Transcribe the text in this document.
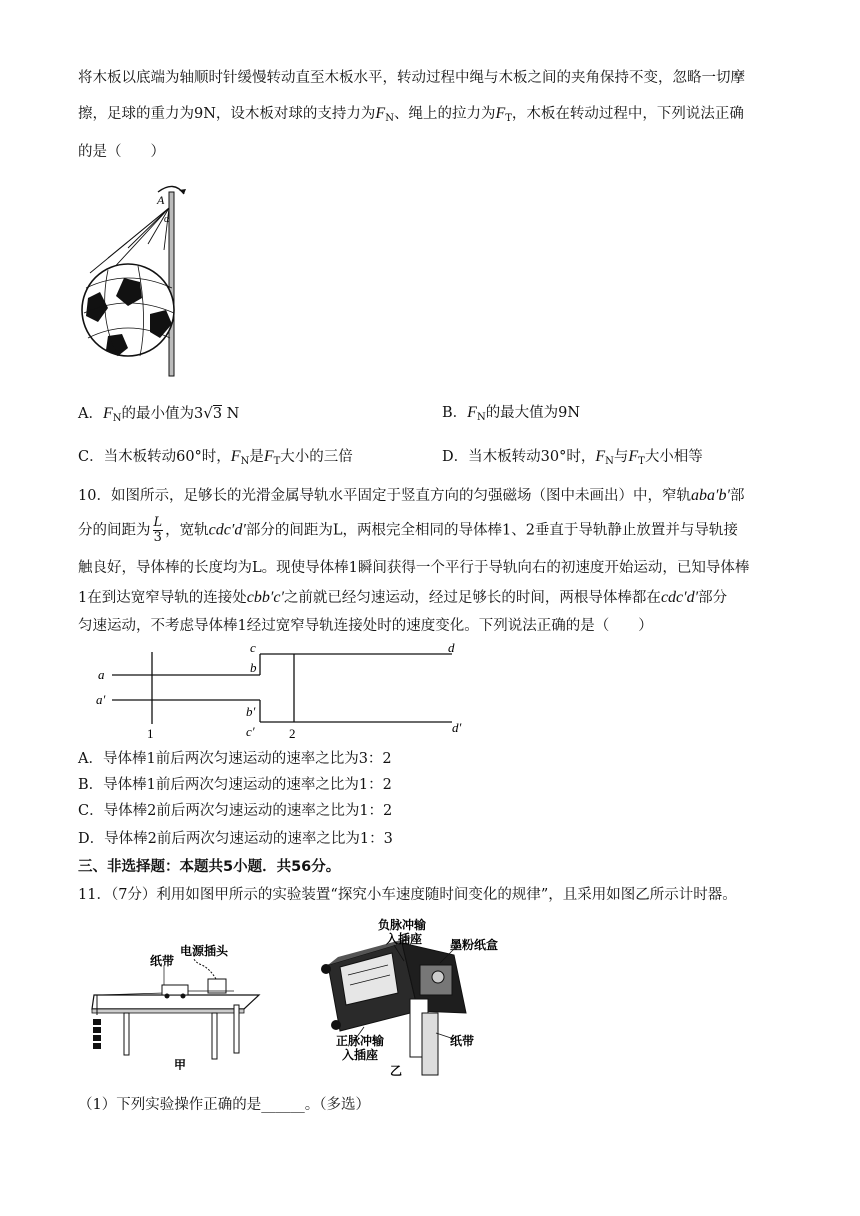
将木板以底端为轴顺时针缓慢转动直至木板水平，转动过程中绳与木板之间的夹角保持不变，忽略一切摩
擦，足球的重力为9N，设木板对球的支持力为$F_N$、绳上的拉力为$F_T$，木板在转动过程中，下列说法正确
的是（　　）
A
α
A．$F_N$的最小值为3√3 N	B．$F_N$的最大值为9N
C．当木板转动60°时，$F_N$是$F_T$大小的三倍	D．当木板转动30°时，$F_N$与$F_T$大小相等
10．如图所示，足够长的光滑金属导轨水平固定于竖直方向的匀强磁场（图中未画出）中，窄轨aba′b′部
分的间距为 $\frac{L}{3}$ ，宽轨cdc′d′部分的间距为L，两根完全相同的导体棒1、2垂直于导轨静止放置并与导轨接
触良好，导体棒的长度均为L。现使导体棒1瞬间获得一个平行于导轨向右的初速度开始运动，已知导体棒
1在到达宽窄导轨的连接处cbb′c′之前就已经匀速运动，经过足够长的时间，两根导体棒都在cdc′d′部分
匀速运动，不考虑导体棒1经过宽窄导轨连接处时的速度变化。下列说法正确的是（　　）
a
a′
c
b
b′
c′
d
d′
1	2
A．导体棒1前后两次匀速运动的速率之比为3：2
B．导体棒1前后两次匀速运动的速率之比为1：2
C．导体棒2前后两次匀速运动的速率之比为1：2
D．导体棒2前后两次匀速运动的速率之比为1：3
三、非选择题：本题共5小题．共56分。
11．（7分）利用如图甲所示的实验装置“探究小车速度随时间变化的规律”，且采用如图乙所示计时器。
纸带
电源插头
甲
负脉冲输
入插座 墨粉纸盒
正脉冲输
入插座
纸带
乙
（1）下列实验操作正确的是______。（多选）
